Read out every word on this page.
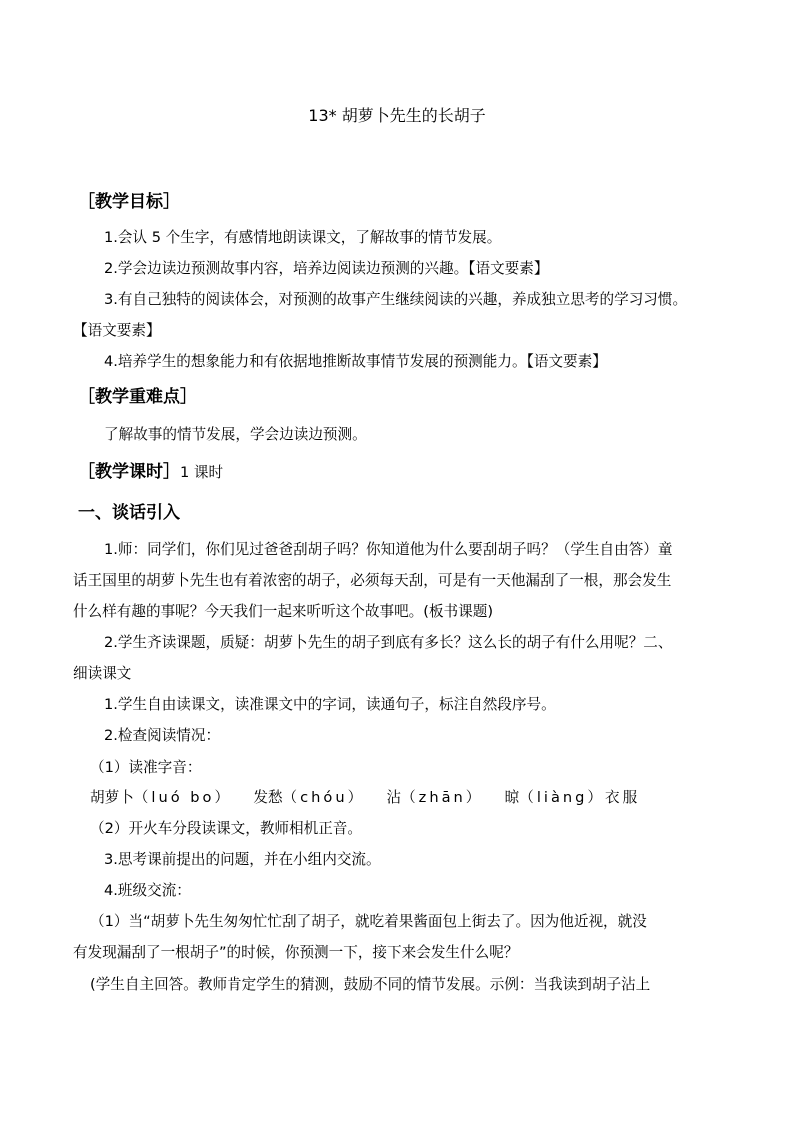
13* 胡萝卜先生的长胡子
［教学目标］
1.会认 5 个生字，有感情地朗读课文，了解故事的情节发展。
2.学会边读边预测故事内容，培养边阅读边预测的兴趣。【语文要素】
3.有自己独特的阅读体会，对预测的故事产生继续阅读的兴趣，养成独立思考的学习习惯。
【语文要素】
4.培养学生的想象能力和有依据地推断故事情节发展的预测能力。【语文要素】
［教学重难点］
了解故事的情节发展，学会边读边预测。
［教学课时］1 课时
一、谈话引入
1.师：同学们，你们见过爸爸刮胡子吗？你知道他为什么要刮胡子吗？（学生自由答）童
话王国里的胡萝卜先生也有着浓密的胡子，必须每天刮，可是有一天他漏刮了一根，那会发生
什么样有趣的事呢？今天我们一起来听听这个故事吧。(板书课题)
2.学生齐读课题，质疑：胡萝卜先生的胡子到底有多长？这么长的胡子有什么用呢？二、
细读课文
1.学生自由读课文，读准课文中的字词，读通句子，标注自然段序号。
2.检查阅读情况：
（1）读准字音：
胡萝卜（luó bo） 发愁（chóu） 沾（zhān） 晾（liàng）衣服
（2）开火车分段读课文，教师相机正音。
3.思考课前提出的问题，并在小组内交流。
4.班级交流：
（1）当“胡萝卜先生匆匆忙忙刮了胡子，就吃着果酱面包上街去了。因为他近视，就没
有发现漏刮了一根胡子”的时候，你预测一下，接下来会发生什么呢？
(学生自主回答。教师肯定学生的猜测，鼓励不同的情节发展。示例：当我读到胡子沾上
